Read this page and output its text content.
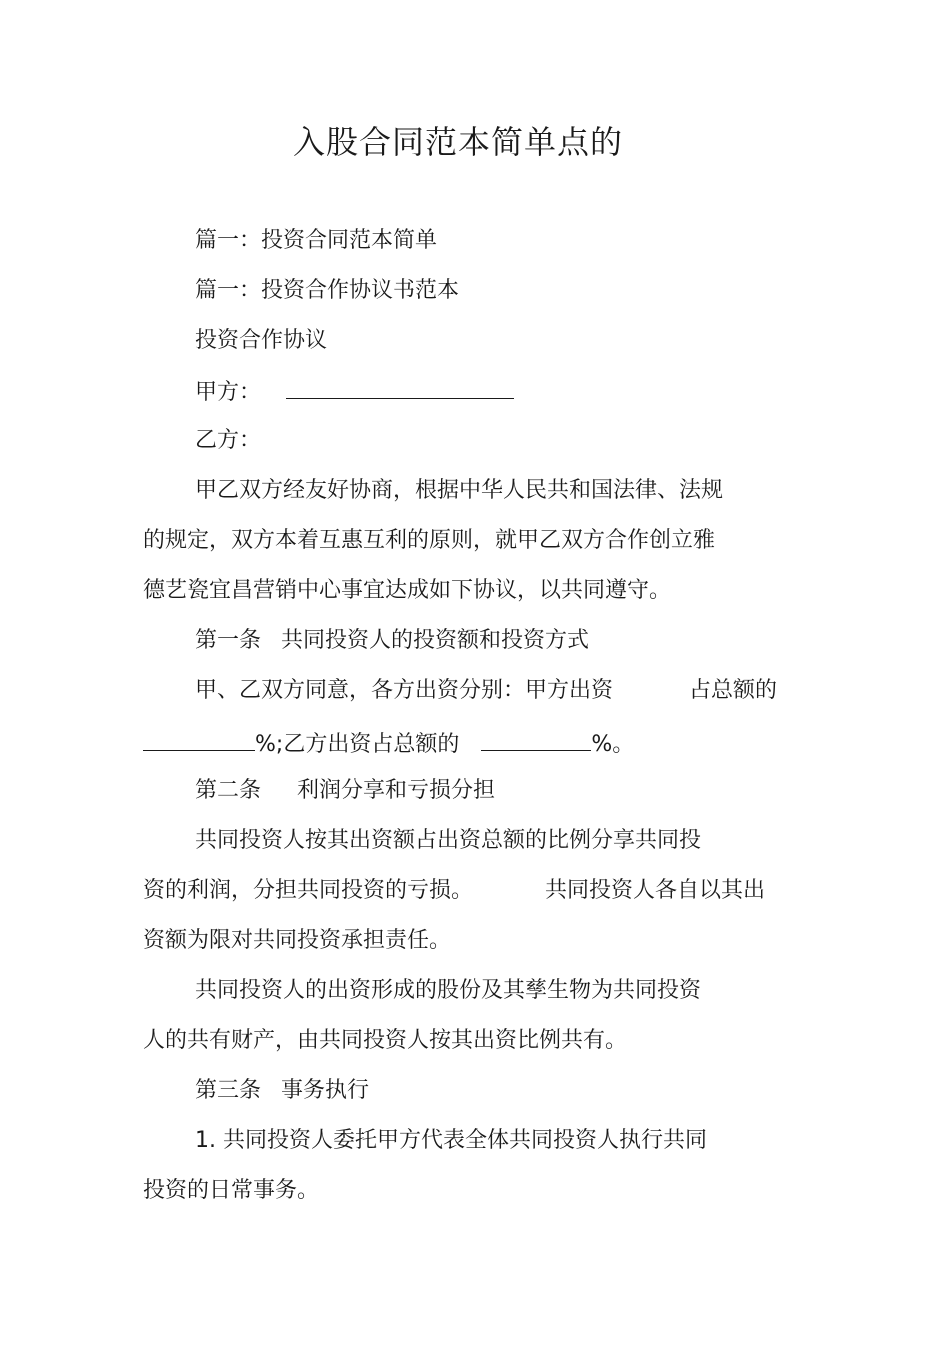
入股合同范本简单点的
篇一：投资合同范本简单
篇一：投资合作协议书范本
投资合作协议
甲方：
乙方：
甲乙双方经友好协商，根据中华人民共和国法律、法规
的规定，双方本着互惠互利的原则，就甲乙双方合作创立雅
德艺瓷宜昌营销中心事宜达成如下协议，以共同遵守。
第一条 共同投资人的投资额和投资方式
甲、乙双方同意，各方出资分别：甲方出资	占总额的
%;乙方出资占总额的	%。
第二条 利润分享和亏损分担
共同投资人按其出资额占出资总额的比例分享共同投
资的利润，分担共同投资的亏损。	共同投资人各自以其出
资额为限对共同投资承担责任。
共同投资人的出资形成的股份及其孳生物为共同投资
人的共有财产，由共同投资人按其出资比例共有。
第三条 事务执行
1. 共同投资人委托甲方代表全体共同投资人执行共同
投资的日常事务。
